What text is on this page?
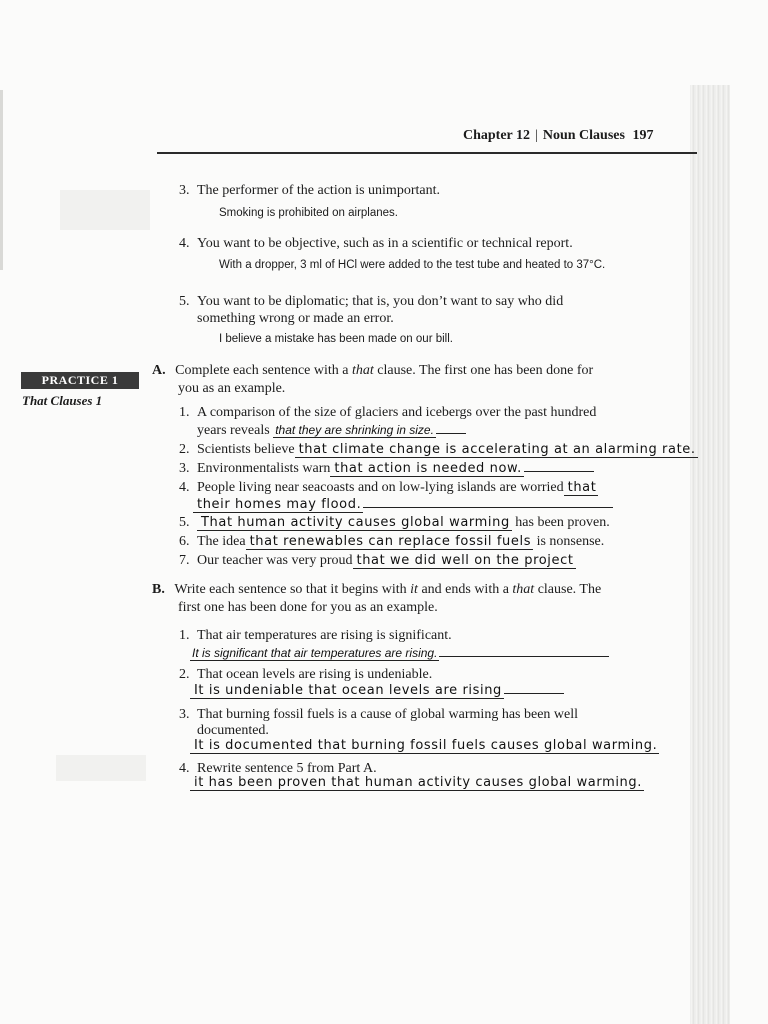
Chapter 12 | Noun Clauses 197
3. The performer of the action is unimportant.
Smoking is prohibited on airplanes.
4. You want to be objective, such as in a scientific or technical report.
With a dropper, 3 ml of HCl were added to the test tube and heated to 37°C.
5. You want to be diplomatic; that is, you don’t want to say who did
something wrong or made an error.
I believe a mistake has been made on our bill.
PRACTICE 1
That Clauses 1
A. Complete each sentence with a that clause. The first one has been done for
you as an example.
1. A comparison of the size of glaciers and icebergs over the past hundred
years reveals that they are shrinking in size.
2. Scientists believe that climate change is accelerating at an alarming rate.
3. Environmentalists warn that action is needed now.
4. People living near seacoasts and on low-lying islands are worried that
their homes may flood.
5. That human activity causes global warming has been proven.
6. The idea that renewables can replace fossil fuels is nonsense.
7. Our teacher was very proud that we did well on the project
B. Write each sentence so that it begins with it and ends with a that clause. The
first one has been done for you as an example.
1. That air temperatures are rising is significant.
It is significant that air temperatures are rising.
2. That ocean levels are rising is undeniable.
It is undeniable that ocean levels are rising
3. That burning fossil fuels is a cause of global warming has been well
documented.
It is documented that burning fossil fuels causes global warming.
4. Rewrite sentence 5 from Part A.
it has been proven that human activity causes global warming.
